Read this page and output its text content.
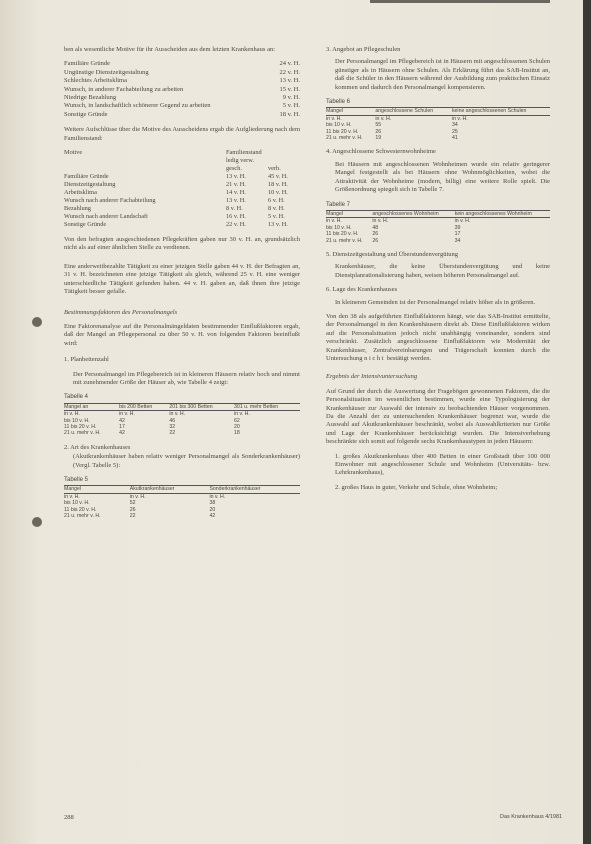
ben als wesentliche Motive für ihr Ausscheiden aus dem letzten Krankenhaus an:

Familiäre Gründe	24 v. H.
Ungünstige Dienstzeitgestaltung	22 v. H.
Schlechtes Arbeitsklima	13 v. H.
Wunsch, in anderer Fachabteilung zu arbeiten	15 v. H.
Niedrige Bezahlung	9 v. H.
Wunsch, in landschaftlich schönerer Gegend zu arbeiten	5 v. H.
Sonstige Gründe	18 v. H.

Weitere Aufschlüsse über die Motive des Ausscheidens ergab die Aufgliederung nach dem Familienstand:

Motive	Familienstand ledig verw. gesch.	verh.
Familiäre Gründe	13 v. H.	45 v. H.
Dienstzeitgestaltung	21 v. H.	18 v. H.
Arbeitsklima	14 v. H.	10 v. H.
Wunsch nach anderer Fachabteilung	13 v. H.	6 v. H.
Bezahlung	8 v. H.	8 v. H.
Wunsch nach anderer Landschaft	16 v. H.	5 v. H.
Sonstige Gründe	22 v. H.	13 v. H.

Von den befragten ausgeschiedenen Pflegekräften gaben nur 30 v. H. an, grundsätzlich nicht als auf einer ähnlichen Stelle zu verdienen.

Eine anderweitbezahlte Tätigkeit zu einer jetzigen Stelle gaben 44 v. H. der Befragten an, 31 v. H. bezeichneten eine jetzige Tätigkeit als gleich, während 25 v. H. eine weniger unterschiedliche Tätigkeit gefunden haben. 44 v. H. gaben an, daß ihnen ihre jetzige Tätigkeit besser gefalle.

Bestimmungsfaktoren des Personalmangels

Eine Faktorenanalyse auf die Personalmängeldaten bestimmender Einflußfaktoren ergab, daß der Mangel an Pflegepersonal zu über 50 v. H. von folgenden Faktoren beeinflußt wird:

1. Planbettenzahl

Der Personalmangel im Pflegebereich ist in kleineren Häusern relativ hoch und nimmt mit zunehmender Größe der Häuser ab, wie Tabelle 4 zeigt:

Tabelle 4
Mangel an	bis 200 Betten	201 bis 300 Betten	301 u. mehr Betten
in v. H.	in v. H.	in v. H.	in v. H.
bis 10 v. H.	42	46	62
11 bis 20 v. H.	17	32	20
21 u. mehr v. H.	42	22	18

2. Art des Krankenhauses

(Akutkrankenhäuser haben relativ weniger Personalmangel als Sonderkrankenhäuser) (Vergl. Tabelle 5):

Tabelle 5
Mangel	Akutkrankenhäuser	Sonderkrankenhäuser
in v. H.	in v. H.	in v. H.
bis 10 v. H.	52	38
11 bis 20 v. H.	26	20
21 u. mehr v. H.	22	42
288

3. Angebot an Pflegeschulen

Der Personalmangel im Pflegebereich ist in Häusern mit angeschlossenen Schulen günstiger als in Häusern ohne Schulen. Als Erklärung führt das SAB-Institut an, daß die Schüler in den Häusern während der Ausbildung zum praktischen Einsatz kommen und dadurch den Personalmangel kompensieren.

Tabelle 6
Mangel	angeschlossene Schulen	keine angeschlossenen Schulen
in v. H.	in v. H.	in v. H.
bis 10 v. H.	55	34
11 bis 20 v. H.	26	25
21 u. mehr v. H.	19	41

4. Angeschlossene Schwesternwohnheime

Bei Häusern mit angeschlossenen Wohnheimen wurde ein relativ geringerer Mangel festgestellt als bei Häusern ohne Wohnmöglichkeiten, wobei die Attraktivität der Wohnheime (modern, billig) eine weitere Rolle spielt. Die Größenordnung spiegelt sich in Tabelle 7.

Tabelle 7
Mangel	angeschlossenes Wohnheim	kein angeschlossenes Wohnheim
in v. H.	in v. H.	in v. H.
bis 10 v. H.	48	39
11 bis 20 v. H.	26	17
21 u. mehr v. H.	26	34

5. Dienstzeitgestaltung und Überstundenvergütung

Krankenhäuser, die keine Überstundenvergütung und keine Dienstplanrationalisierung haben, weisen höheren Personalmangel auf.

6. Lage des Krankenhauses

In kleineren Gemeinden ist der Personalmangel relativ höher als in größeren.

Von den 38 als aufgeführten Einflußfaktoren hängt, wie das SAB-Institut ermittelte, der Personalmangel in den Krankenhäusern direkt ab. Diese Einflußfaktoren wirken auf die Personalsituation jedoch nicht unabhängig voneinander, sondern sind verschränkt. Zusätzlich angeschlossene Einflußfaktoren wie Modernität der Krankenhäuser, Zentralvereinbarungen und Trägerschaft konnten durch die Untersuchung nicht bestätigt werden.

Ergebnis der Intensivuntersuchung

Auf Grund der durch die Auswertung der Fragebögen gewonnenen Faktoren, die die Personalsituation im wesentlichen bestimmen, wurde eine Typologisierung der Krankenhäuser zur Auswahl der intensiv zu beobachtenden Häuser vorgenommen. Da die Anzahl der zu untersuchenden Krankenhäuser begrenzt war, wurde die Auswahl auf Akutkrankenhäuser beschränkt, wobei als Auswahlkriterien nur Größe und Lage der Krankenhäuser berücksichtigt wurden. Die Intensiverhebung beschränkte sich somit auf folgende sechs Krankenhaustypen in jeden Häusern:

1. großes Akutkrankenhaus über 400 Betten in einer Großstadt über 100 000 Einwohner mit angeschlossener Schule und Wohnheim (Universitäts- bzw. Lehrkrankenhaus),

2. großes Haus in guter, Verkehr und Schule, ohne Wohnheim;

Das Krankenhaus 4/1981
